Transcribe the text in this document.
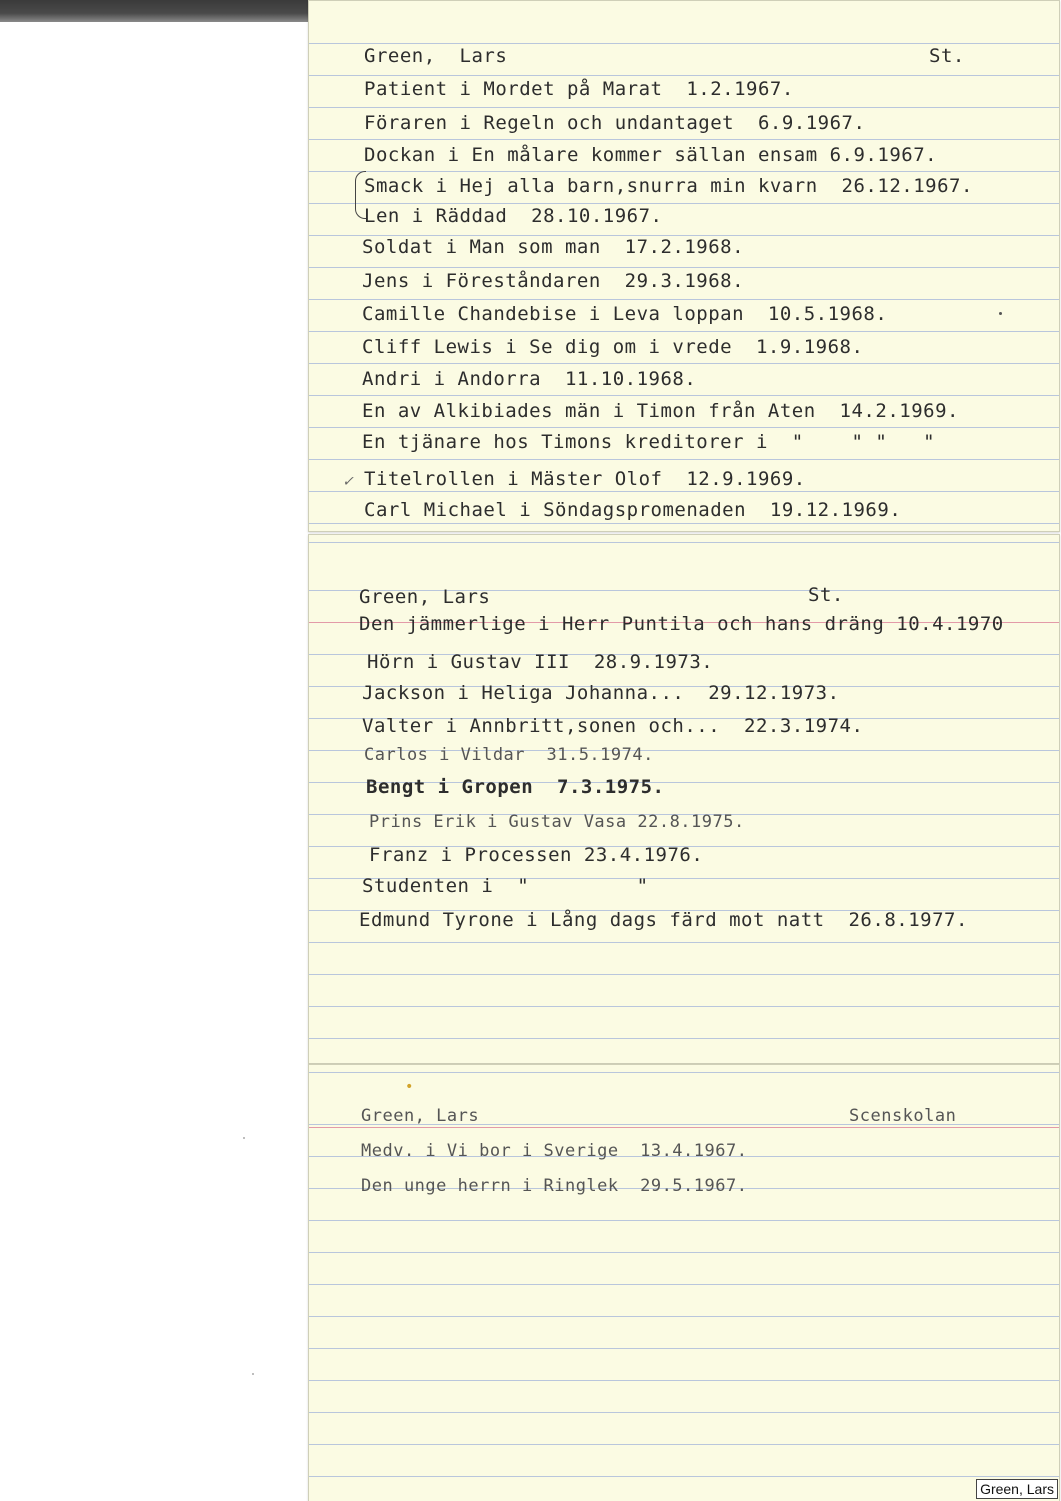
Green,  Lars	St.
Patient i Mordet på Marat  1.2.1967.
Föraren i Regeln och undantaget  6.9.1967.
Dockan i En målare kommer sällan ensam 6.9.1967.
Smack i Hej alla barn,snurra min kvarn  26.12.1967.
Len i Räddad  28.10.1967.
Soldat i Man som man  17.2.1968.
Jens i Föreståndaren  29.3.1968.
Camille Chandebise i Leva loppan  10.5.1968.
Cliff Lewis i Se dig om i vrede  1.9.1968.
Andri i Andorra  11.10.1968.
En av Alkibiades män i Timon från Aten  14.2.1969.
En tjänare hos Timons kreditorer i  "    " "   "
Titelrollen i Mäster Olof  12.9.1969.
Carl Michael i Söndagspromenaden  19.12.1969.
✓
Green, Lars	St.
Den jämmerlige i Herr Puntila och hans dräng 10.4.1970
Hörn i Gustav III  28.9.1973.
Jackson i Heliga Johanna...  29.12.1973.
Valter i Annbritt,sonen och...  22.3.1974.
Carlos i Vildar  31.5.1974.
Bengt i Gropen  7.3.1975.
Prins Erik i Gustav Vasa 22.8.1975.
Franz i Processen 23.4.1976.
Studenten i  "         "
Edmund Tyrone i Lång dags färd mot natt  26.8.1977.
•
Green, Lars	Scenskolan
Medv. i Vi bor i Sverige  13.4.1967.
Den unge herrn i Ringlek  29.5.1967.
Green, Lars
